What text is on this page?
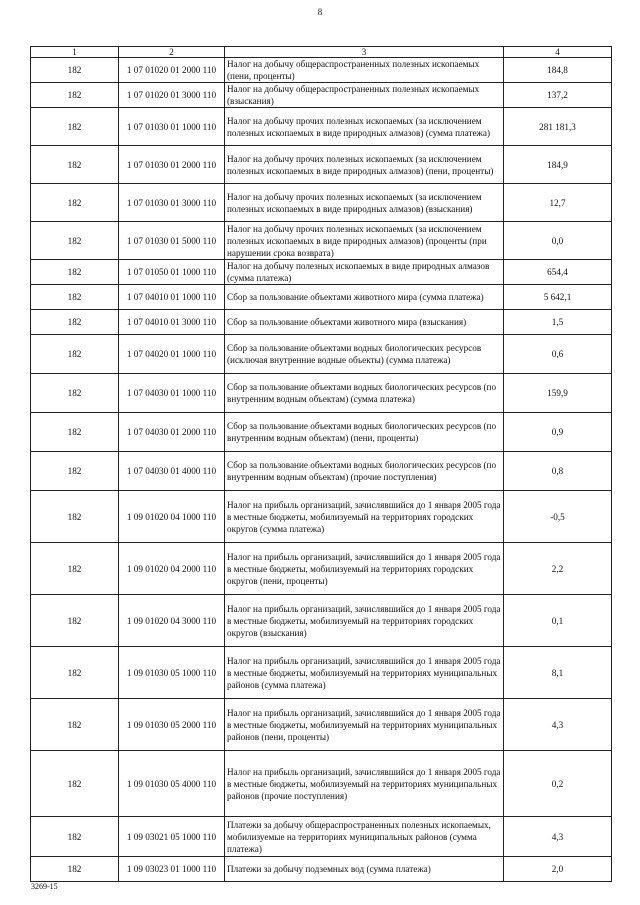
8
1	2	3	4
182	1 07 01020 01 2000 110	Налог на добычу общераспространенных полезных ископаемых (пени, проценты)	184,8
182	1 07 01020 01 3000 110	Налог на добычу общераспространенных полезных ископаемых (взыскания)	137,2
182	1 07 01030 01 1000 110	Налог на добычу прочих полезных ископаемых (за исключением полезных ископаемых в виде природных алмазов) (сумма платежа)	281 181,3
182	1 07 01030 01 2000 110	Налог на добычу прочих полезных ископаемых (за исключением полезных ископаемых в виде природных алмазов) (пени, проценты)	184,9
182	1 07 01030 01 3000 110	Налог на добычу прочих полезных ископаемых (за исключением полезных ископаемых в виде природных алмазов) (взыскания)	12,7
182	1 07 01030 01 5000 110	Налог на добычу прочих полезных ископаемых (за исключением полезных ископаемых в виде природных алмазов) (проценты (при нарушении срока возврата)	0,0
182	1 07 01050 01 1000 110	Налог на добычу полезных ископаемых в виде природных алмазов (сумма платежа)	654,4
182	1 07 04010 01 1000 110	Сбор за пользование объектами животного мира (сумма платежа)	5 642,1
182	1 07 04010 01 3000 110	Сбор за пользование объектами животного мира (взыскания)	1,5
182	1 07 04020 01 1000 110	Сбор за пользование объектами водных биологических ресурсов (исключая внутренние водные объекты) (сумма платежа)	0,6
182	1 07 04030 01 1000 110	Сбор за пользование объектами водных биологических ресурсов (по внутренним водным объектам) (сумма платежа)	159,9
182	1 07 04030 01 2000 110	Сбор за пользование объектами водных биологических ресурсов (по внутренним водным объектам) (пени, проценты)	0,9
182	1 07 04030 01 4000 110	Сбор за пользование объектами водных биологических ресурсов (по внутренним водным объектам) (прочие поступления)	0,8
182	1 09 01020 04 1000 110	Налог на прибыль организаций, зачислявшийся до 1 января 2005 года в местные бюджеты, мобилизуемый на территориях городских округов (сумма платежа)	-0,5
182	1 09 01020 04 2000 110	Налог на прибыль организаций, зачислявшийся до 1 января 2005 года в местные бюджеты, мобилизуемый на территориях городских округов (пени, проценты)	2,2
182	1 09 01020 04 3000 110	Налог на прибыль организаций, зачислявшийся до 1 января 2005 года в местные бюджеты, мобилизуемый на территориях городских округов (взыскания)	0,1
182	1 09 01030 05 1000 110	Налог на прибыль организаций, зачислявшийся до 1 января 2005 года в местные бюджеты, мобилизуемый на территориях муниципальных районов (сумма платежа)	8,1
182	1 09 01030 05 2000 110	Налог на прибыль организаций, зачислявшийся до 1 января 2005 года в местные бюджеты, мобилизуемый на территориях муниципальных районов (пени, проценты)	4,3
182	1 09 01030 05 4000 110	Налог на прибыль организаций, зачислявшийся до 1 января 2005 года в местные бюджеты, мобилизуемый на территориях муниципальных районов (прочие поступления)	0,2
182	1 09 03021 05 1000 110	Платежи за добычу общераспространенных полезных ископаемых, мобилизуемые на территориях муниципальных районов (сумма платежа)	4,3
182	1 09 03023 01 1000 110	Платежи за добычу подземных вод (сумма платежа)	2,0
3269-15
